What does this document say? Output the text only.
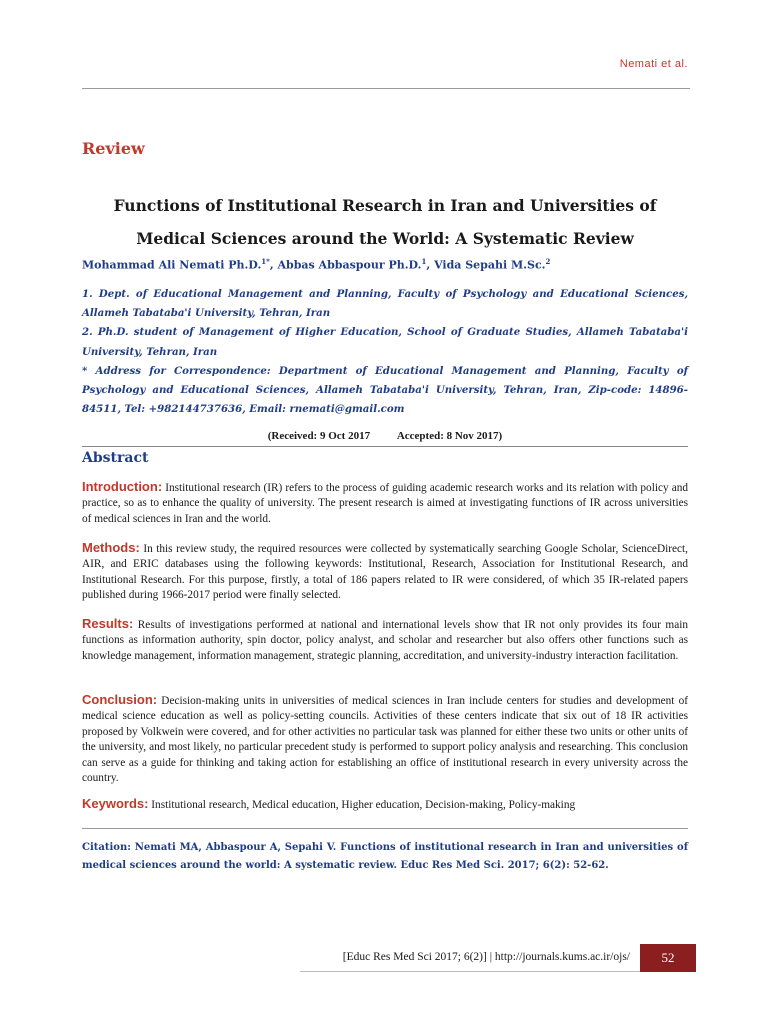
Nemati et al.
Review
Functions of Institutional Research in Iran and Universities of Medical Sciences around the World: A Systematic Review
Mohammad Ali Nemati Ph.D.$^{1*}$, Abbas Abbaspour Ph.D.$^1$, Vida Sepahi M.Sc.$^2$

1. Dept. of Educational Management and Planning, Faculty of Psychology and Educational Sciences, Allameh Tabataba'i University, Tehran, Iran

2. Ph.D. student of Management of Higher Education, School of Graduate Studies, Allameh Tabataba'i University, Tehran, Iran

* Address for Correspondence: Department of Educational Management and Planning, Faculty of Psychology and Educational Sciences, Allameh Tabataba'i University, Tehran, Iran, Zip-code: 14896-84511, Tel: +982144737636, Email: rnemati@gmail.com

(Received: 9 Oct 2017 Accepted: 8 Nov 2017)
Abstract
Introduction: Institutional research (IR) refers to the process of guiding academic research works and its relation with policy and practice, so as to enhance the quality of university. The present research is aimed at investigating functions of IR across universities of medical sciences in Iran and the world.
Methods: In this review study, the required resources were collected by systematically searching Google Scholar, ScienceDirect, AIR, and ERIC databases using the following keywords: Institutional, Research, Association for Institutional Research, and Institutional Research. For this purpose, firstly, a total of 186 papers related to IR were considered, of which 35 IR-related papers published during 1966-2017 period were finally selected.
Results: Results of investigations performed at national and international levels show that IR not only provides its four main functions as information authority, spin doctor, policy analyst, and scholar and researcher but also offers other functions such as knowledge management, information management, strategic planning, accreditation, and university-industry interaction facilitation.
Conclusion: Decision-making units in universities of medical sciences in Iran include centers for studies and development of medical science education as well as policy-setting councils. Activities of these centers indicate that six out of 18 IR activities proposed by Volkwein were covered, and for other activities no particular task was planned for either these two units or other units of the university, and most likely, no particular precedent study is performed to support policy analysis and researching. This conclusion can serve as a guide for thinking and taking action for establishing an office of institutional research in every university across the country.
Keywords: Institutional research, Medical education, Higher education, Decision-making, Policy-making
Citation: Nemati MA, Abbaspour A, Sepahi V. Functions of institutional research in Iran and universities of medical sciences around the world: A systematic review. Educ Res Med Sci. 2017; 6(2): 52-62.
[Educ Res Med Sci 2017; 6(2)] | http://journals.kums.ac.ir/ojs/	52
